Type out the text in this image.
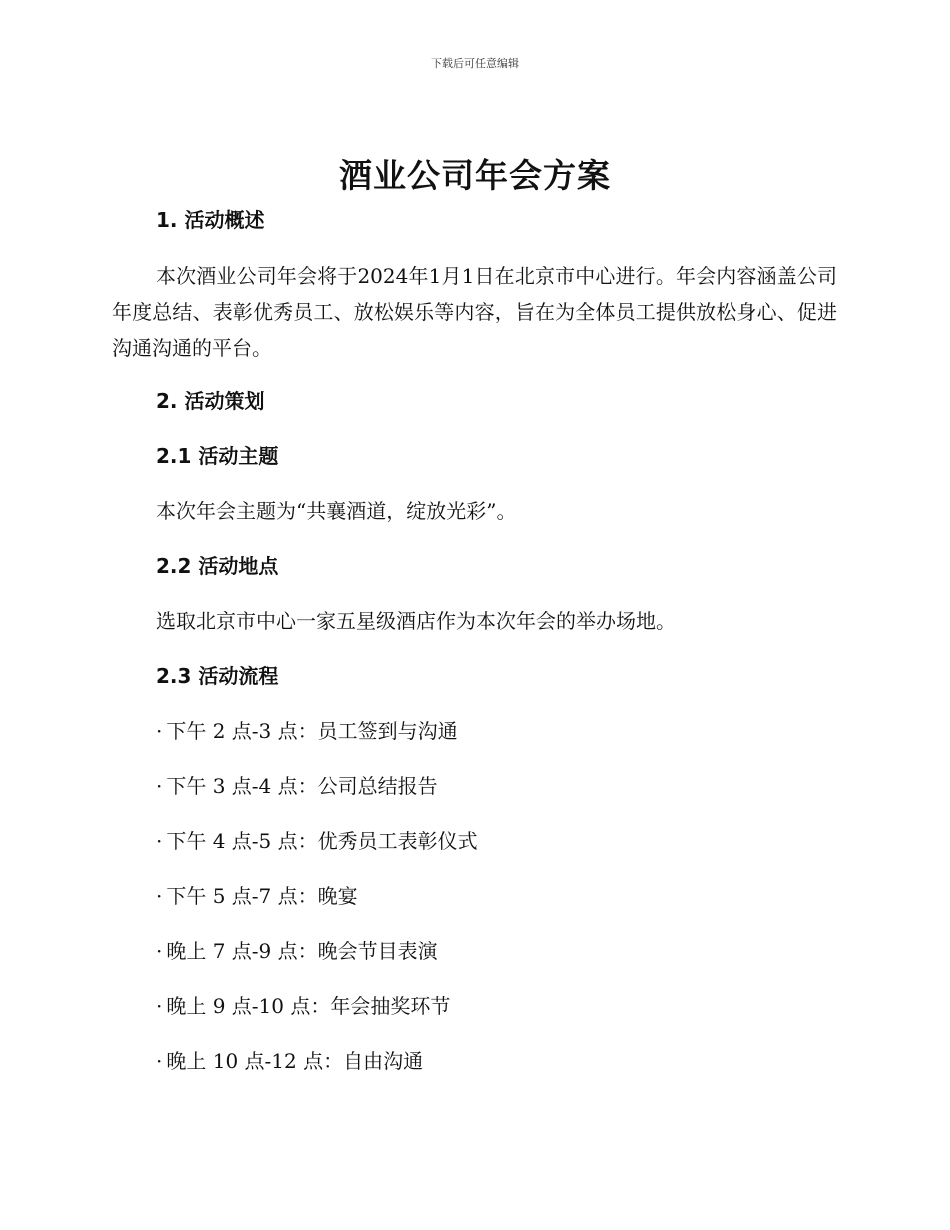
下载后可任意编辑
酒业公司年会方案
1. 活动概述

本次酒业公司年会将于2024年1月1日在北京市中心进行。年会内容涵盖公司年度总结、表彰优秀员工、放松娱乐等内容，旨在为全体员工提供放松身心、促进沟通沟通的平台。

2. 活动策划
2.1 活动主题

本次年会主题为“共襄酒道，绽放光彩”。

2.2 活动地点

选取北京市中心一家五星级酒店作为本次年会的举办场地。

2.3 活动流程
· 下午 2 点-3 点：员工签到与沟通
· 下午 3 点-4 点：公司总结报告
· 下午 4 点-5 点：优秀员工表彰仪式
· 下午 5 点-7 点：晚宴
· 晚上 7 点-9 点：晚会节目表演
· 晚上 9 点-10 点：年会抽奖环节
· 晚上 10 点-12 点：自由沟通
